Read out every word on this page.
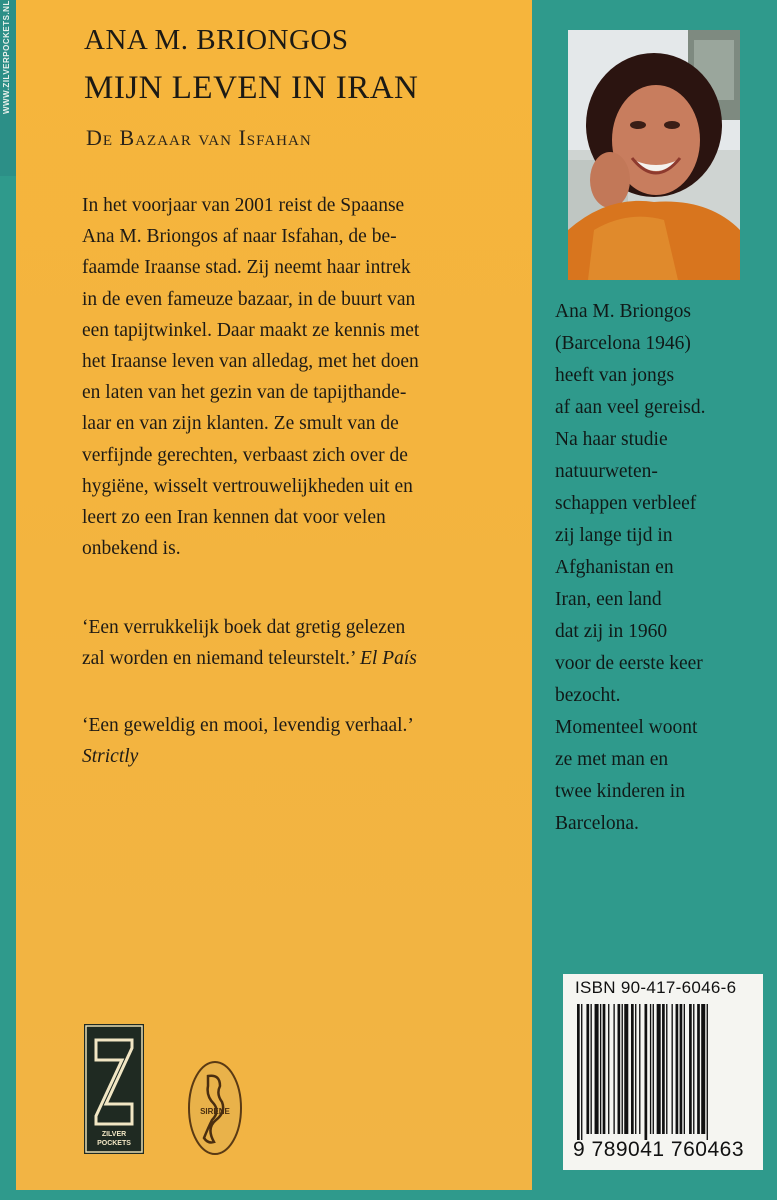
WWW.ZILVERPOCKETS.NL	ANA M. BRIONGOS
MIJN LEVEN IN IRAN
De Bazaar van Isfahan
In het voorjaar van 2001 reist de Spaanse
Ana M. Briongos af naar Isfahan, de be-
faamde Iraanse stad. Zij neemt haar intrek
in de even fameuze bazaar, in de buurt van
een tapijtwinkel. Daar maakt ze kennis met
het Iraanse leven van alledag, met het doen
en laten van het gezin van de tapijthande-
laar en van zijn klanten. Ze smult van de
verfijnde gerechten, verbaast zich over de
hygiëne, wisselt vertrouwelijkheden uit en
leert zo een Iran kennen dat voor velen
onbekend is.
‘Een verrukkelijk boek dat gretig gelezen
zal worden en niemand teleurstelt.’ El País
‘Een geweldig en mooi, levendig verhaal.’
Strictly
Ana M. Briongos
(Barcelona 1946)
heeft van jongs
af aan veel gereisd.
Na haar studie
natuurweten-
schappen verbleef
zij lange tijd in
Afghanistan en
Iran, een land
dat zij in 1960
voor de eerste keer
bezocht.
Momenteel woont
ze met man en
twee kinderen in
Barcelona.
ISBN 90-417-6046-6
9 789041 760463
ZILVER
POCKETS
SIRENE
